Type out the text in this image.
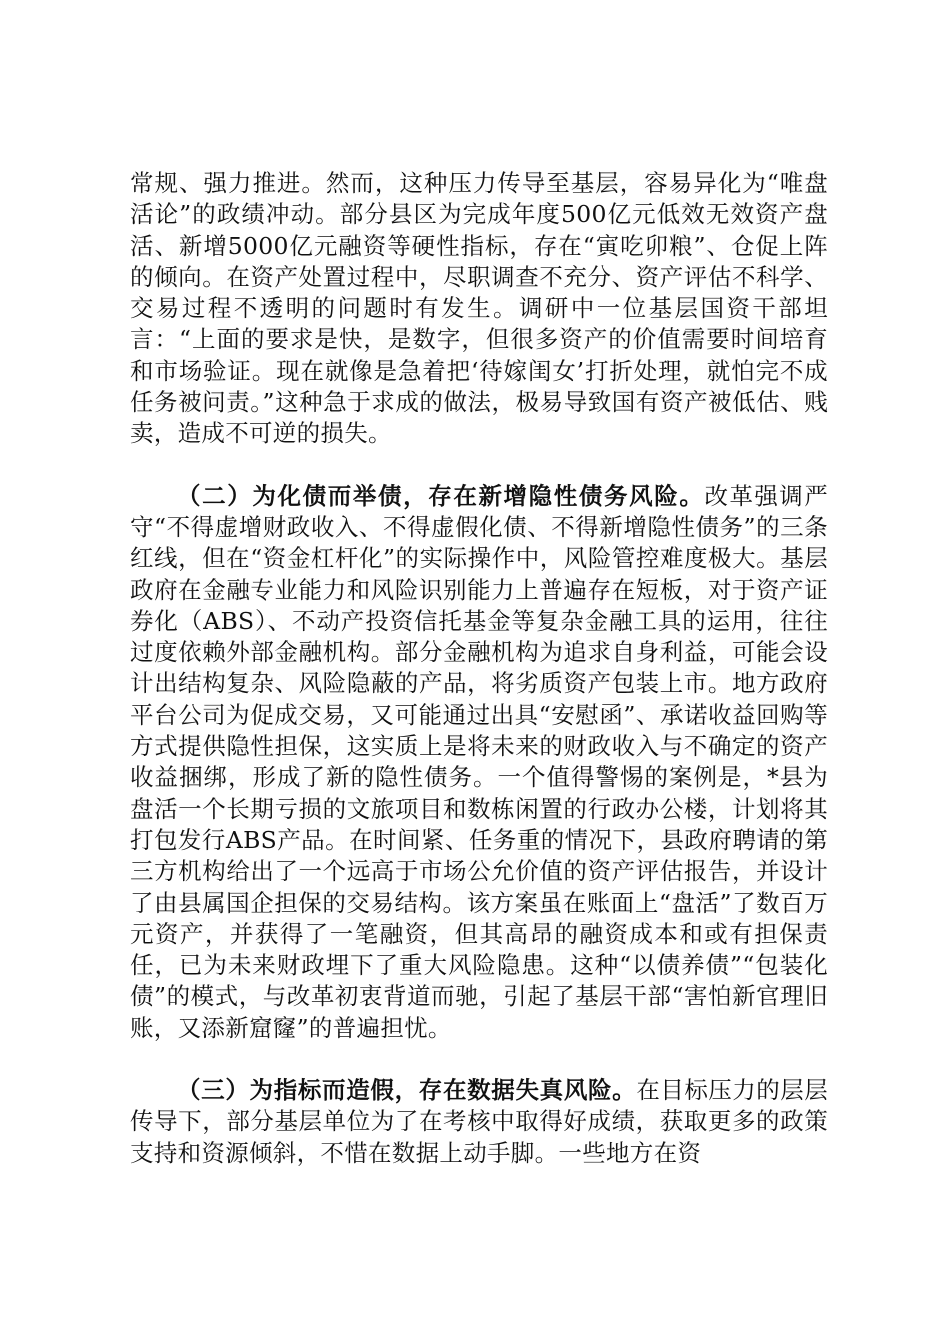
常规、强力推进。然而，这种压力传导至基层，容易异化为“唯盘活论”的政绩冲动。部分县区为完成年度500亿元低效无效资产盘活、新增5000亿元融资等硬性指标，存在“寅吃卯粮”、仓促上阵的倾向。在资产处置过程中，尽职调查不充分、资产评估不科学、交易过程不透明的问题时有发生。调研中一位基层国资干部坦言：“上面的要求是快，是数字，但很多资产的价值需要时间培育和市场验证。现在就像是急着把‘待嫁闺女’打折处理，就怕完不成任务被问责。”这种急于求成的做法，极易导致国有资产被低估、贱卖，造成不可逆的损失。

（二）为化债而举债，存在新增隐性债务风险。改革强调严守“不得虚增财政收入、不得虚假化债、不得新增隐性债务”的三条红线，但在“资金杠杆化”的实际操作中，风险管控难度极大。基层政府在金融专业能力和风险识别能力上普遍存在短板，对于资产证券化（ABS）、不动产投资信托基金等复杂金融工具的运用，往往过度依赖外部金融机构。部分金融机构为追求自身利益，可能会设计出结构复杂、风险隐蔽的产品，将劣质资产包装上市。地方政府平台公司为促成交易，又可能通过出具“安慰函”、承诺收益回购等方式提供隐性担保，这实质上是将未来的财政收入与不确定的资产收益捆绑，形成了新的隐性债务。一个值得警惕的案例是，*县为盘活一个长期亏损的文旅项目和数栋闲置的行政办公楼，计划将其打包发行ABS产品。在时间紧、任务重的情况下，县政府聘请的第三方机构给出了一个远高于市场公允价值的资产评估报告，并设计了由县属国企担保的交易结构。该方案虽在账面上“盘活”了数百万元资产，并获得了一笔融资，但其高昂的融资成本和或有担保责任，已为未来财政埋下了重大风险隐患。这种“以债养债”“包装化债”的模式，与改革初衷背道而驰，引起了基层干部“害怕新官理旧账，又添新窟窿”的普遍担忧。

（三）为指标而造假，存在数据失真风险。在目标压力的层层传导下，部分基层单位为了在考核中取得好成绩，获取更多的政策支持和资源倾斜，不惜在数据上动手脚。一些地方在资
